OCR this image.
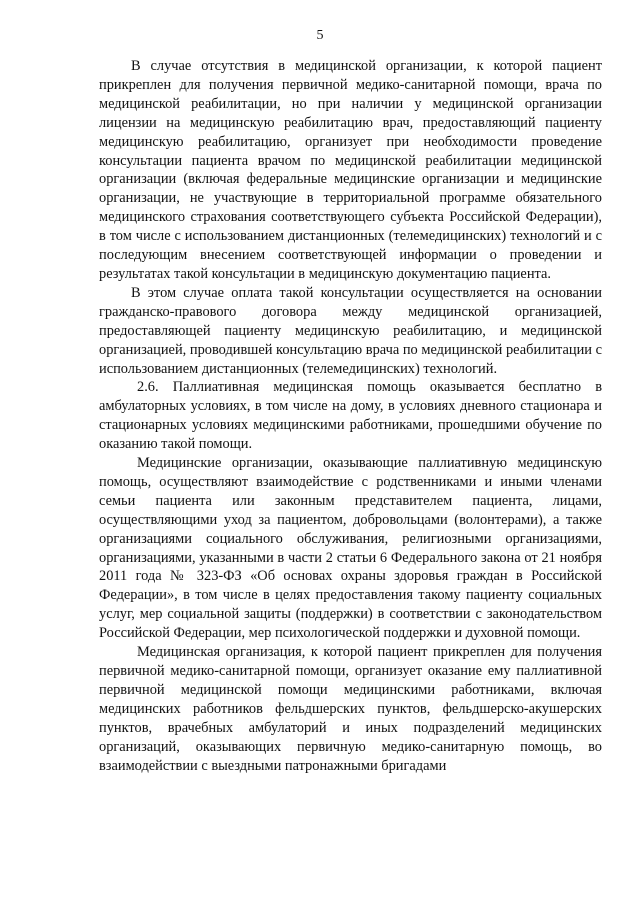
5

В случае отсутствия в медицинской организации, к которой пациент прикреплен для получения первичной медико-санитарной помощи, врача по медицинской реабилитации, но при наличии у медицинской организации лицензии на медицинскую реабилитацию врач, предоставляющий пациенту медицинскую реабилитацию, организует при необходимости проведение консультации пациента врачом по медицинской реабилитации медицинской организации (включая федеральные медицинские организации и медицинские организации, не участвующие в территориальной программе обязательного медицинского страхования соответствующего субъекта Российской Федерации), в том числе с использованием дистанционных (телемедицинских) технологий и с последующим внесением соответствующей информации о проведении и результатах такой консультации в медицинскую документацию пациента.

В этом случае оплата такой консультации осуществляется на основании гражданско-правового договора между медицинской организацией, предоставляющей пациенту медицинскую реабилитацию, и медицинской организацией, проводившей консультацию врача по медицинской реабилитации с использованием дистанционных (телемедицинских) технологий.

2.6. Паллиативная медицинская помощь оказывается бесплатно в амбулаторных условиях, в том числе на дому, в условиях дневного стационара и стационарных условиях медицинскими работниками, прошедшими обучение по оказанию такой помощи.

Медицинские организации, оказывающие паллиативную медицинскую помощь, осуществляют взаимодействие с родственниками и иными членами семьи пациента или законным представителем пациента, лицами, осуществляющими уход за пациентом, добровольцами (волонтерами), а также организациями социального обслуживания, религиозными организациями, организациями, указанными в части 2 статьи 6 Федерального закона от 21 ноября 2011 года № 323-ФЗ «Об основах охраны здоровья граждан в Российской Федерации», в том числе в целях предоставления такому пациенту социальных услуг, мер социальной защиты (поддержки) в соответствии с законодательством Российской Федерации, мер психологической поддержки и духовной помощи.

Медицинская организация, к которой пациент прикреплен для получения первичной медико-санитарной помощи, организует оказание ему паллиативной первичной медицинской помощи медицинскими работниками, включая медицинских работников фельдшерских пунктов, фельдшерско-акушерских пунктов, врачебных амбулаторий и иных подразделений медицинских организаций, оказывающих первичную медико-санитарную помощь, во взаимодействии с выездными патронажными бригадами
